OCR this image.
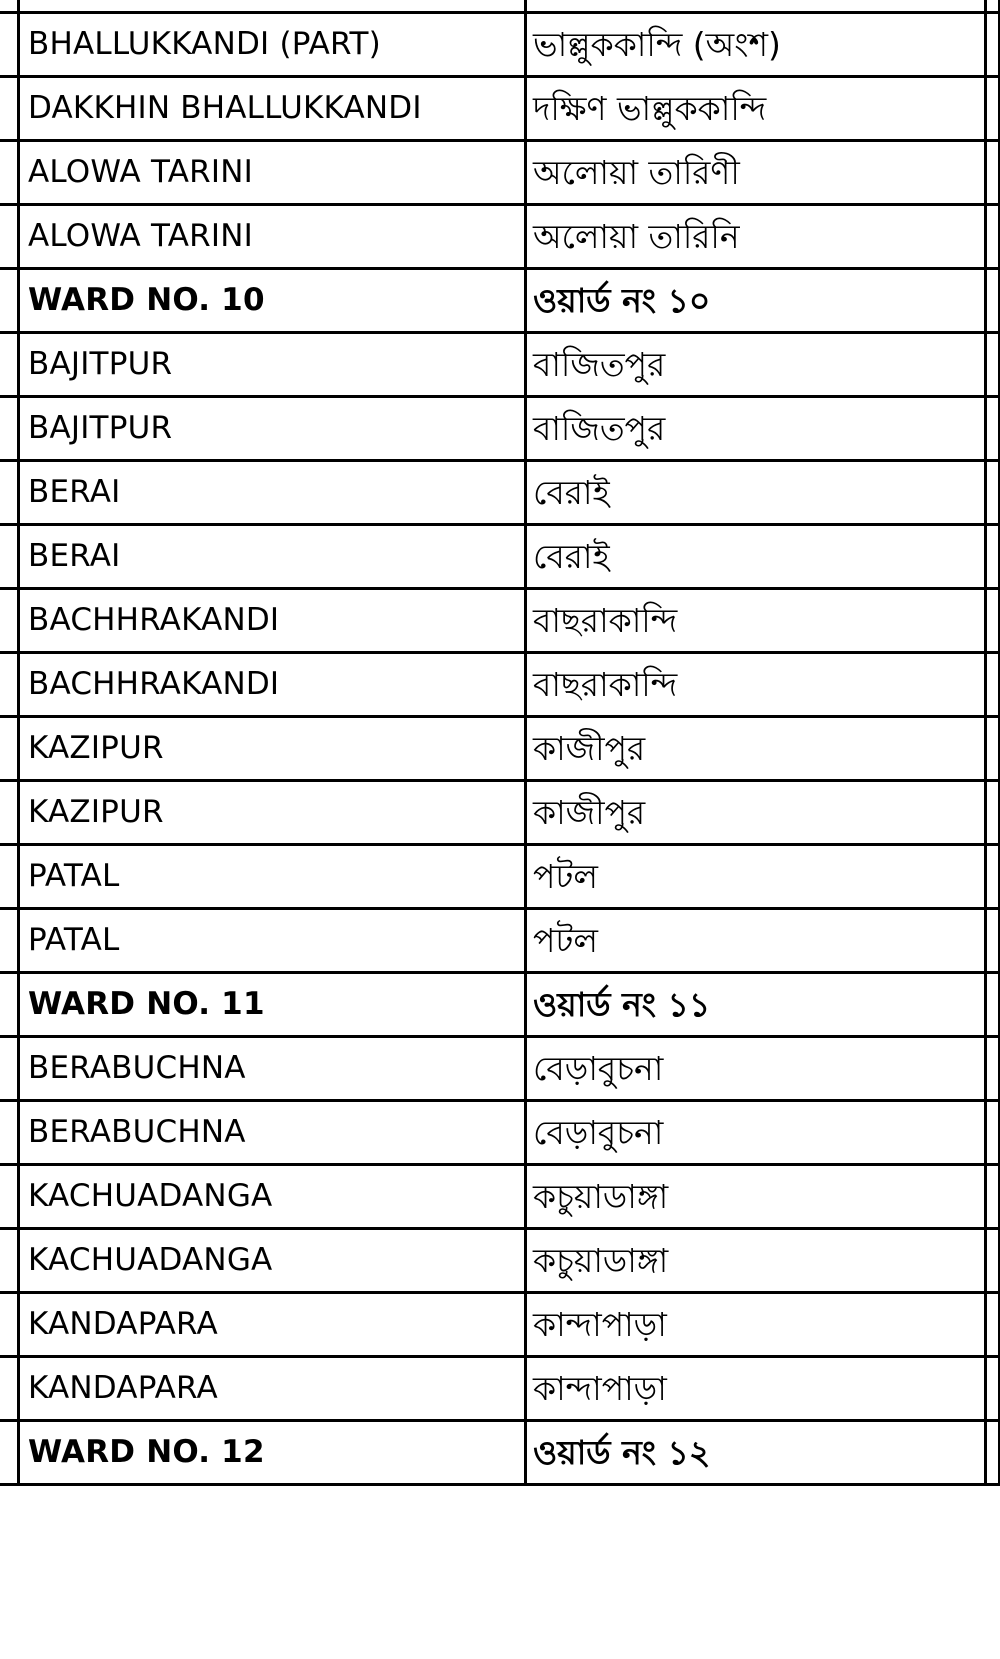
	BHALLUKKANDI (PART)	ভাল্লুককান্দি (অংশ)	
	DAKKHIN BHALLUKKANDI	দক্ষিণ ভাল্লুককান্দি	
	ALOWA TARINI	অলোয়া তারিণী	
	ALOWA TARINI	অলোয়া তারিনি	
	WARD NO. 10	ওয়ার্ড নং ১০	
	BAJITPUR	বাজিতপুর	
	BAJITPUR	বাজিতপুর	
	BERAI	বেরাই	
	BERAI	বেরাই	
	BACHHRAKANDI	বাছরাকান্দি	
	BACHHRAKANDI	বাছরাকান্দি	
	KAZIPUR	কাজীপুর	
	KAZIPUR	কাজীপুর	
	PATAL	পটল	
	PATAL	পটল	
	WARD NO. 11	ওয়ার্ড নং ১১	
	BERABUCHNA	বেড়াবুচনা	
	BERABUCHNA	বেড়াবুচনা	
	KACHUADANGA	কচুয়াডাঙ্গা	
	KACHUADANGA	কচুয়াডাঙ্গা	
	KANDAPARA	কান্দাপাড়া	
	KANDAPARA	কান্দাপাড়া	
	WARD NO. 12	ওয়ার্ড নং ১২	
